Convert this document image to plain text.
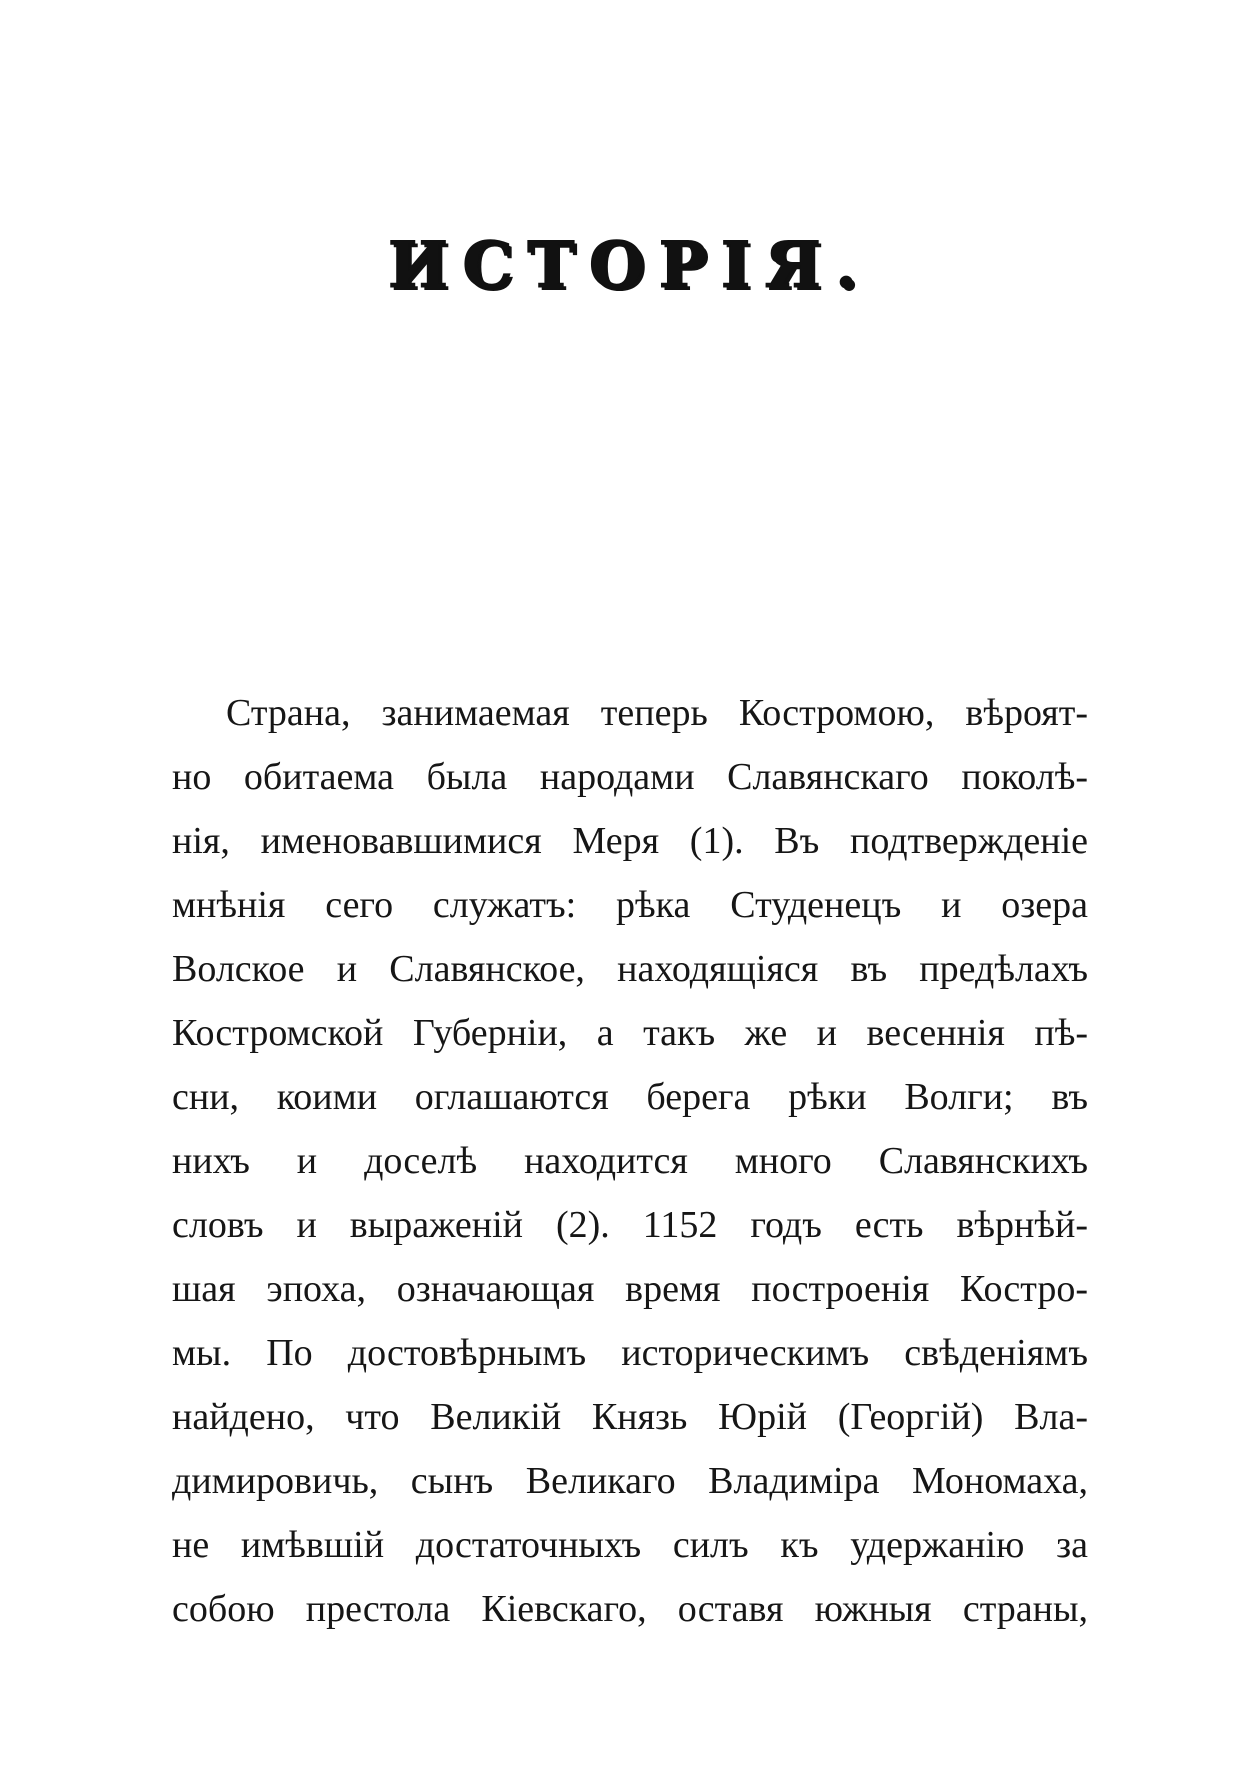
ИСТОРІЯ.
Страна, занимаемая теперь Костромою, вѣроят-
но обитаема была народами Славянскаго поколѣ-
нія, именовавшимися Меря (1). Въ подтвержденіе
мнѣнія сего служатъ: рѣка Студенецъ и озера
Волское и Славянское, находящіяся въ предѣлахъ
Костромской Губерніи, а такъ же и весеннія пѣ-
сни, коими оглашаются берега рѣки Волги; въ
нихъ и доселѣ находится много Славянскихъ
словъ и выраженій (2). 1152 годъ есть вѣрнѣй-
шая эпоха, означающая время построенія Костро-
мы. По достовѣрнымъ историческимъ свѣденіямъ
найдено, что Великій Князь Юрій (Георгій) Вла-
димировичь, сынъ Великаго Владиміра Мономаха,
не имѣвшій достаточныхъ силъ къ удержанію за
собою престола Кіевскаго, оставя южныя страны,
